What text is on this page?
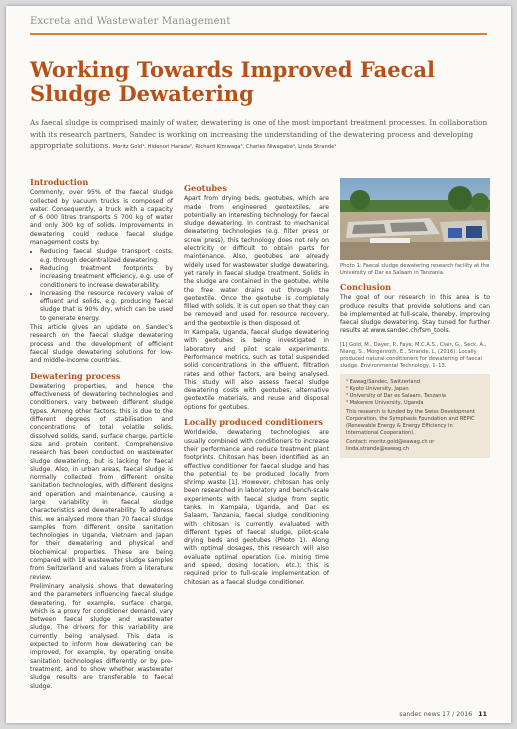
Excreta and Wastewater Management
Working Towards Improved Faecal Sludge Dewatering

As faecal sludge is comprised mainly of water, dewatering is one of the most important treatment processes. In collaboration with its research partners, Sandec is working on increasing the understanding of the dewatering process and developing appropriate solutions. Moritz Gold¹, Hidenori Harada², Richard Kimwaga³, Charles Niwagaba⁴, Linda Strande¹

Introduction

Commonly, over 95% of the faecal sludge collected by vacuum trucks is composed of water. Consequently, a truck with a capacity of 6 000 litres transports 5 700 kg of water and only 300 kg of solids. Improvements in dewatering could reduce faecal sludge management costs by:

• Reducing faecal sludge transport costs, e.g. through decentralized dewatering.
• Reducing treatment footprints by increasing treatment efficiency, e.g. use of conditioners to increase dewaterability.
• Increasing the resource recovery value of effluent and solids, e.g. producing faecal sludge that is 90% dry, which can be used to generate energy.

This article gives an update on Sandec's research on the faecal sludge dewatering process and the development of efficient faecal sludge dewatering solutions for low- and middle-income countries.

Dewatering process

Dewatering properties, and hence the effectiveness of dewatering technologies and conditioners, vary between different sludge types. Among other factors, this is due to the different degrees of stabilisation and concentrations of total volatile solids, dissolved solids, sand, surface charge, particle size and protein content. Comprehensive research has been conducted on wastewater sludge dewatering, but is lacking for faecal sludge. Also, in urban areas, faecal sludge is normally collected from different onsite sanitation technologies, with different designs and operation and maintenance, causing a large variability in faecal sludge characteristics and dewaterability. To address this, we analysed more than 70 faecal sludge samples from different onsite sanitation technologies in Uganda, Vietnam and Japan for their dewatering and physical and biochemical properties. These are being compared with 18 wastewater sludge samples from Switzerland and values from a literature review.

Preliminary analysis shows that dewatering and the parameters influencing faecal sludge dewatering, for example, surface charge, which is a proxy for conditioner demand, vary between faecal sludge and wastewater sludge. The drivers for this variability are currently being analysed. This data is expected to inform how dewatering can be improved, for example, by operating onsite sanitation technologies differently or by pre-treatment, and to show whether wastewater sludge results are transferable to faecal sludge.

Geotubes

Apart from drying beds, geotubes, which are made from engineered geotextiles, are potentially an interesting technology for faecal sludge dewatering. In contrast to mechanical dewatering technologies (e.g. filter press or screw press), this technology does not rely on electricity or difficult to obtain parts for maintenance. Also, geotubes are already widely used for wastewater sludge dewatering, yet rarely in faecal sludge treatment. Solids in the sludge are contained in the geotube, while the free water drains out through the geotextile. Once the geotube is completely filled with solids, it is cut open so that they can be removed and used for resource recovery, and the geotextile is then disposed of.

In Kampala, Uganda, faecal sludge dewatering with geotubes is being investigated in laboratory and pilot scale experiments. Performance metrics, such as total suspended solid concentrations in the effluent, filtration rates and other factors, are being analysed. This study will also assess faecal sludge dewatering costs with geotubes, alternative geotextile materials, and reuse and disposal options for geotubes.

Locally produced conditioners

Worldwide, dewatering technologies are usually combined with conditioners to increase their performance and reduce treatment plant footprints. Chitosan has been identified as an effective conditioner for faecal sludge and has the potential to be produced locally from shrimp waste [1]. However, chitosan has only been researched in laboratory and bench-scale experiments with faecal sludge from septic tanks. In Kampala, Uganda, and Dar es Salaam, Tanzania, faecal sludge conditioning with chitosan is currently evaluated with different types of faecal sludge, pilot-scale drying beds and geotubes (Photo 1). Along with optimal dosages, this research will also evaluate optimal operation (i.e. mixing time and speed, dosing location, etc.); this is required prior to full-scale implementation of chitosan as a faecal sludge conditioner.

Photo 1: Faecal sludge dewatering research facility at the University of Dar es Salaam in Tanzania.
Conclusion

The goal of our research in this area is to produce results that provide solutions and can be implemented at full-scale, thereby, improving faecal sludge dewatering. Stay tuned for further results at www.sandec.ch/fsm_tools.

[1] Gold, M., Dayer, P., Faye, M.C.A.S., Clair, G., Seck, A., Niang, S., Morgenroth, E., Strande, L. (2016): Locally produced natural conditioners for dewatering of faecal sludge. Environmental Technology, 1–13.

¹ Eawag/Sandec, Switzerland

² Kyoto University, Japan

³ University of Dar es Salaam, Tanzania

⁴ Makerere University, Uganda

This research is funded by the Swiss Development Corporation, the Symphasis Foundation and REPIC (Renewable Energy & Energy Efficiency in International Cooperation).

Contact: moritz.gold@eawag.ch or linda.strande@eawag.ch

sandec news 17 / 2016 11
